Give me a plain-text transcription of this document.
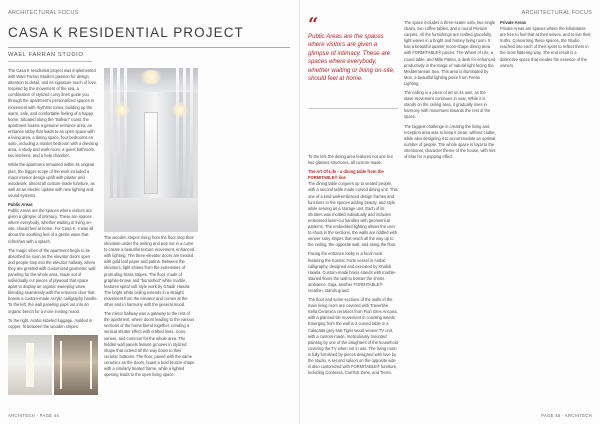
ARCHITECTURAL FOCUS
CASA K RESIDENTIAL PROJECT
WAEL FARRAN STUDIO

The Casa K residential project was implemented with Wael Farran Studio’s passion for design, attention to detail, and its signature touch of love. Inspired by the movement of the sea, a combination of stylized curvy lines guide you through the apartment’s personalized spaces in movement with rhythmic tones, building up the warm, safe, and comfortable feeling of a happy home. Situated along the “Bahsin” coast, the apartment boasts a genuine entrance area, an entrance lobby that leads to an open space with a living area, a dining space, four bedrooms en suite, including a master bedroom with a dressing area, a study and work room, a guest bathroom, two kitchens, and a help chamber.

While the apartment remained within its original plan, the bigger scope of the work included a major interior design uplift with plaster and woodwork, almost all custom-made furniture, as well as an electric update with new lighting and sound systems.

Public Areas

Public Areas are the spaces where visitors are given a glimpse of intimacy. These are spaces where everybody, whether waiting or living on-site, should feel at home. For Casa K, it was all about the soothing feel of a gentle wave that refreshes with a splash.

The magic vibes of the apartment begin to be absorbed as soon as the elevator doors open and people step into the elevator hallway, where they are greeted with customized geometric wall paneling for the whole area, made out of individually cut pieces of plywood that space apart to display an organic sweeping wave, blending seamlessly with the entrance door that boasts a custom-made Acrylic calligraphy handle. To the left, the wall paneling pops out into an organic bench for a more inviting mood.

To the right, Arabic-labeled luggage, molded in copper, fit between the wooden stripes.

The wooden stripes rising from the floor stop their elevation under the writing and pop out in a curve to create a beautiful texture movement, enhanced with lighting. The three elevator doors are treated with gold leaf paper and patina. Between the elevators, light shines from the extremities of protruding brass stripes. The floor, made of graphite-brown and “burnished” white marble, features spiral soft style work by Ghadir Hawila. The bright white ceiling extends in a straight movement from the elevator and comes at the other end in harmony with the general mood.

The mirror hallway was a gateway to the rest of the apartment, where doors leading to the various sections of the home blend together, creating a vertical shutter effect with crafted lines, icons, veneer, and common for the whole area. The hidden wall panels feature grooves in stylized shape that extend all the way down to their ceramic bottoms. The floor, paved with the same ceramics as the doors, boast a bold bronze shape with a similarly treated frame, while a lighted opening leads to the open living space.

ARCHITECH · PAGE 44
ARCHITECTURAL FOCUS
“
Public Areas are the spaces where visitors are given a glimpse of intimacy. These are spaces where everybody, whether waiting or living on-site, should feel at home.

To the left, the dining area features not one but two glasses structures, all custom-made.

The Art Of Life - a dining table from the FORMITABLE® line

The dining table conjures up to seated people, with a second table made curved dining unit. This one of a kind wall-embraced design frames and functions to the spaces adding beauty, and style while serving as a storage unit. Each of its shutters was molded individually and includes embossed laser-cut handles with geometrical patterns. The embedded lighting allows the user to shoot in the sections, the walls are riddled with veneer suny stripes that reach all the way up to the ceiling, the opposite wall, and along the floor.

Facing the entrance lobby is a focal nook featuring the Kosmic Forte vessel in Arabic calligraphy, designed and executed by Khalidi Hawila. Custom-made brass stands with marble-stained floors the wall to bolster the shrine ambiance. Saja, another FORMITABLE® creation, stands guard.

The floor and some sections of the walls of the main living room are covered with Travertine Sella Ceramica ceramics from Fiori Gres Ancona, with a planned tile movement in counting weeds. Emerging from the wall is a curved table in a Calacatta grey Mat Tigris wood veneer TV unit, with a custom-made, meticulously mounted painting by one of the daughters of the household covering the TV when not in use. The living room is fully furnished by pieces designed with love by the studio. A second saloon on the opposite side is also customized with FORMITABLE® furniture, including Contessa, Comfort Zone, and Tierra.

The space includes a three-seater sofa, two single chairs, two coffee tables, and a round Persian carpets. All the furnishings are crafted gracefully, light waves in a bright and homey living room. It has a beautiful quarter moon-shape dining area with FORMITABLE® pieces: The Wheel of Life, a round table, and Mille Pattes, a desk for enhanced productivity in the magic of natural light facing the Mediterranean Sea. This area is illuminated by Mon, a beautiful lighting piece from Feelia Lighting.

The ceiling is a piece of art on its own, as the wave movement continues in soar, While it is stands on the ceiling area, it gradually rises in harmony with movement towards the rest of the space.

The biggest challenge in creating the living and reception area was to keep it clean, without clutter, while also designing it to accommodate an optimal number of people. The whole space is loyal to the intentional, character theme of the house, with hint of blue for a popping effect.

Private Areas

Private Areas are spaces where the inhabitants are free to feel that at their selves, and to live their truths. Concerning these spaces, the Studio reached into each of their spots to reflect them in the most flattering way. The end result is a distinctive space that exudes the essence of the owners.

PAGE 45 · ARCHITECH
